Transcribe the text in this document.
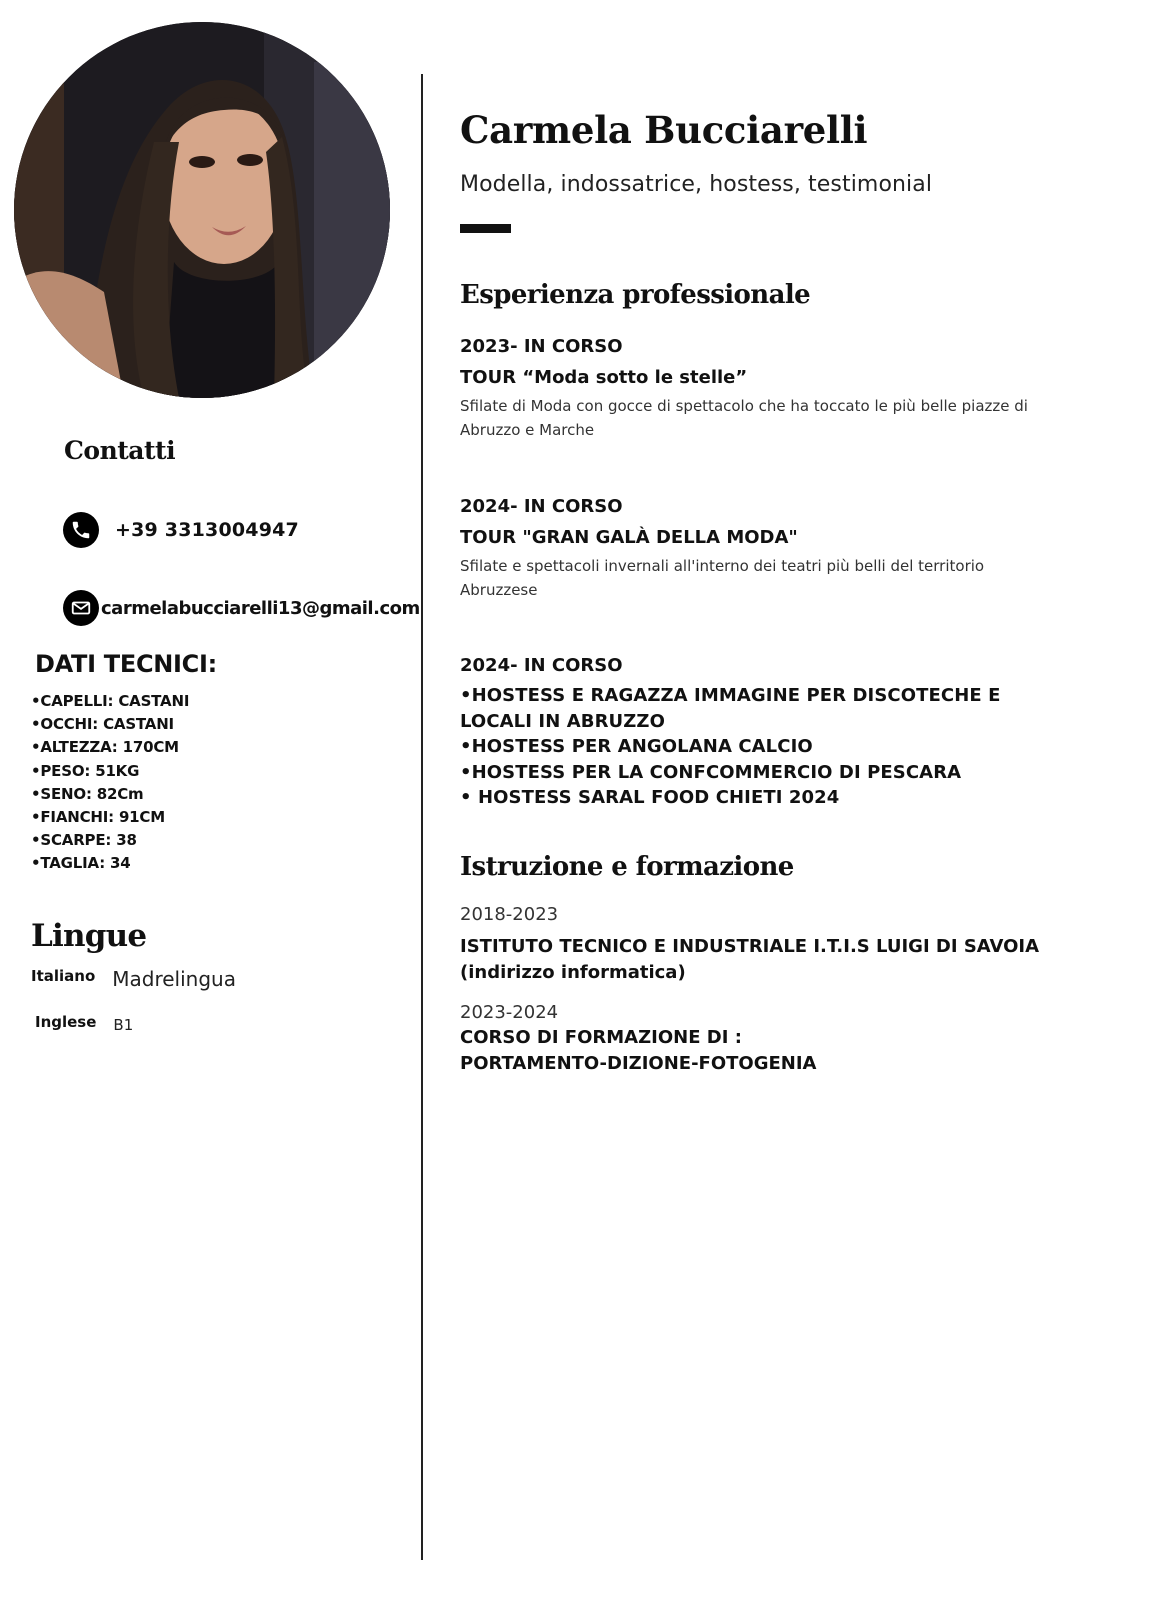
Contatti
+39 3313004947
carmelabucciarelli13@gmail.com
DATI TECNICI:
•CAPELLI: CASTANI
•OCCHI: CASTANI
•ALTEZZA: 170CM
•PESO: 51KG
•SENO: 82Cm
•FIANCHI: 91CM
•SCARPE: 38
•TAGLIA: 34
Lingue
Italiano Madrelingua
Inglese B1
Carmela Bucciarelli
Modella, indossatrice, hostess, testimonial
Esperienza professionale
2023- IN CORSO
TOUR “Moda sotto le stelle”
Sfilate di Moda con gocce di spettacolo che ha toccato le più belle piazze di Abruzzo e Marche
2024- IN CORSO
TOUR "GRAN GALÀ DELLA MODA"
Sfilate e spettacoli invernali all'interno dei teatri più belli del territorio Abruzzese
2024- IN CORSO
•HOSTESS E RAGAZZA IMMAGINE PER DISCOTECHE E LOCALI IN ABRUZZO
•HOSTESS PER ANGOLANA CALCIO
•HOSTESS PER LA CONFCOMMERCIO DI PESCARA
• HOSTESS SARAL FOOD CHIETI 2024
Istruzione e formazione
2018-2023
ISTITUTO TECNICO E INDUSTRIALE I.T.I.S LUIGI DI SAVOIA
(indirizzo informatica)
2023-2024
CORSO DI FORMAZIONE DI :
PORTAMENTO-DIZIONE-FOTOGENIA
